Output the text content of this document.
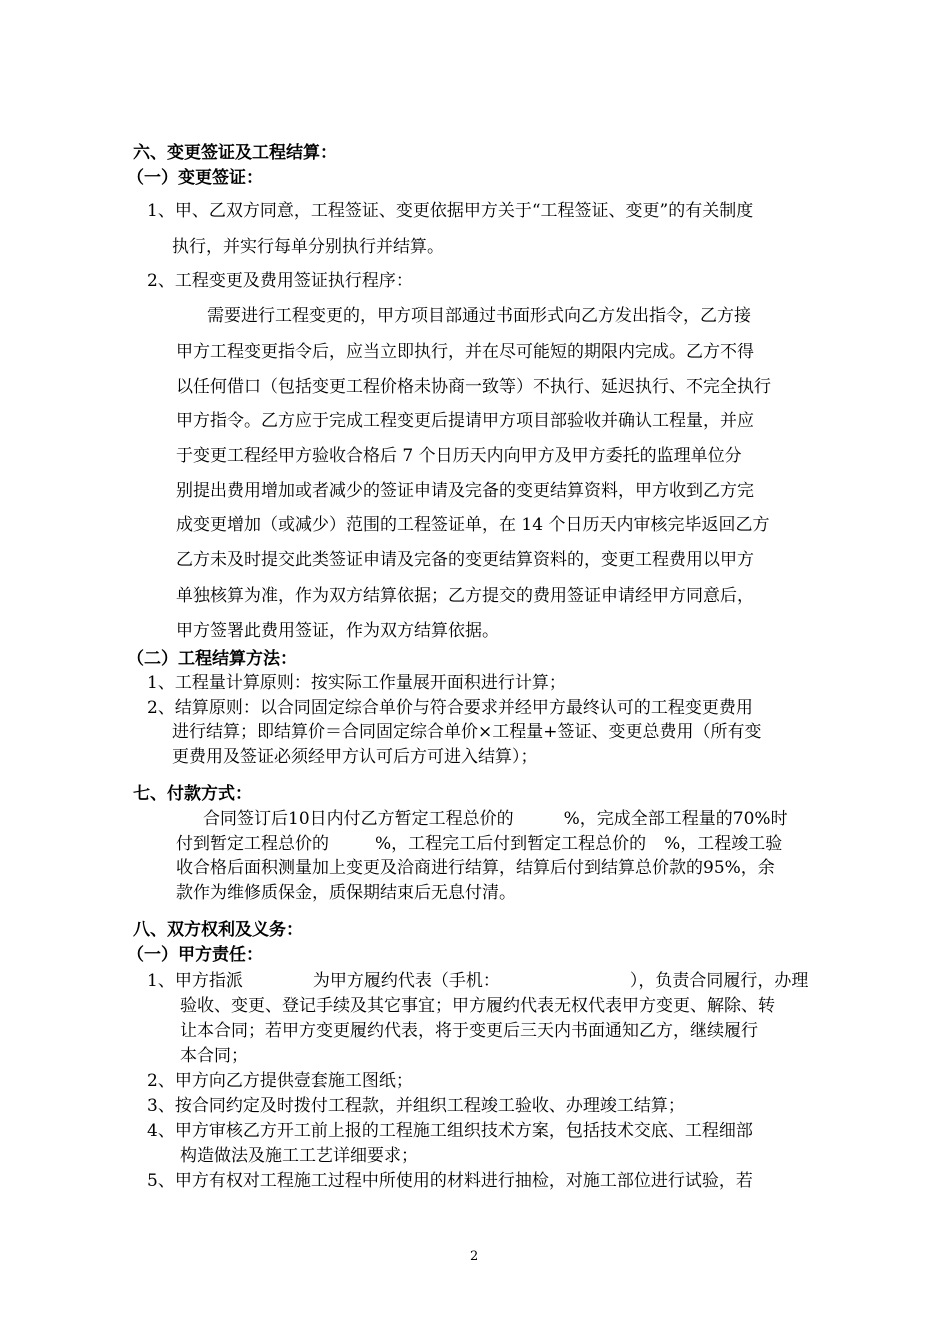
六、变更签证及工程结算：
（一）变更签证：
1、甲、乙双方同意，工程签证、变更依据甲方关于“工程签证、变更”的有关制度
执行，并实行每单分别执行并结算。
2、工程变更及费用签证执行程序：
需要进行工程变更的，甲方项目部通过书面形式向乙方发出指令，乙方接
甲方工程变更指令后，应当立即执行，并在尽可能短的期限内完成。乙方不得
以任何借口（包括变更工程价格未协商一致等）不执行、延迟执行、不完全执行
甲方指令。乙方应于完成工程变更后提请甲方项目部验收并确认工程量，并应
于变更工程经甲方验收合格后 7 个日历天内向甲方及甲方委托的监理单位分
别提出费用增加或者减少的签证申请及完备的变更结算资料，甲方收到乙方完
成变更增加（或减少）范围的工程签证单，在 14 个日历天内审核完毕返回乙方
乙方未及时提交此类签证申请及完备的变更结算资料的，变更工程费用以甲方
单独核算为准，作为双方结算依据；乙方提交的费用签证申请经甲方同意后，
甲方签署此费用签证，作为双方结算依据。
（二）工程结算方法：
1、工程量计算原则：按实际工作量展开面积进行计算；
2、结算原则：以合同固定综合单价与符合要求并经甲方最终认可的工程变更费用
进行结算；即结算价＝合同固定综合单价×工程量+签证、变更总费用（所有变
更费用及签证必须经甲方认可后方可进入结算）；
七、付款方式：
合同签订后10日内付乙方暂定工程总价的	%，完成全部工程量的70%时
付到暂定工程总价的	%，工程完工后付到暂定工程总价的 %，工程竣工验
收合格后面积测量加上变更及洽商进行结算，结算后付到结算总价款的95%，余
款作为维修质保金，质保期结束后无息付清。
八、双方权利及义务：
（一）甲方责任：
1、甲方指派	为甲方履约代表（手机：	），负责合同履行，办理
验收、变更、登记手续及其它事宜；甲方履约代表无权代表甲方变更、解除、转
让本合同；若甲方变更履约代表，将于变更后三天内书面通知乙方，继续履行
本合同；
2、甲方向乙方提供壹套施工图纸；
3、按合同约定及时拨付工程款，并组织工程竣工验收、办理竣工结算；
4、甲方审核乙方开工前上报的工程施工组织技术方案，包括技术交底、工程细部
构造做法及施工工艺详细要求；
5、甲方有权对工程施工过程中所使用的材料进行抽检，对施工部位进行试验，若
2
